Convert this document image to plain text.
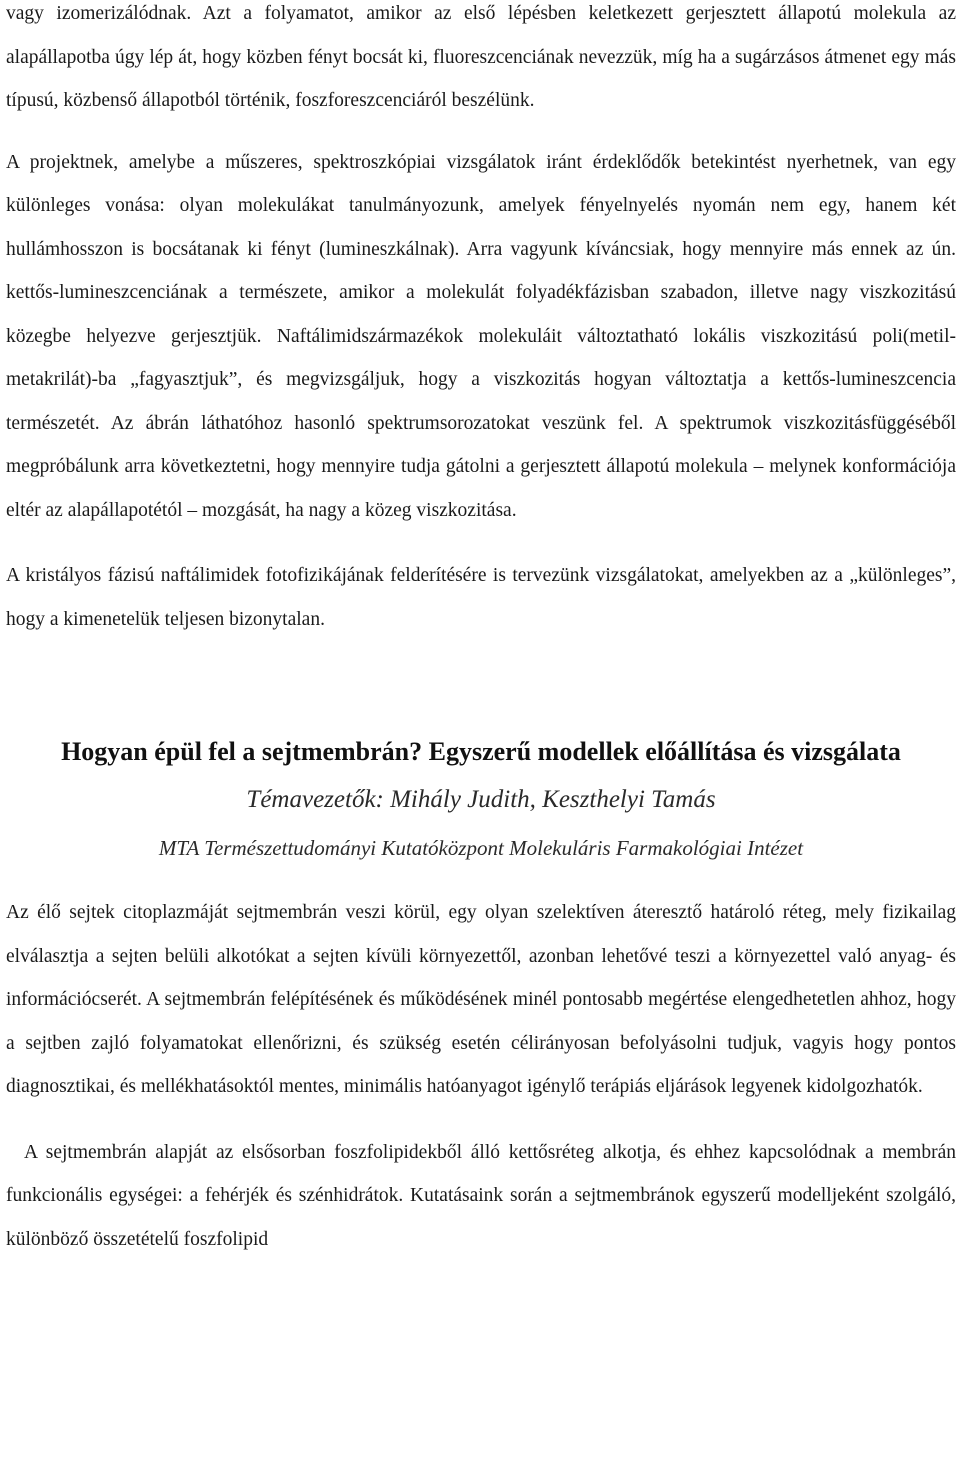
vagy izomerizálódnak. Azt a folyamatot, amikor az első lépésben keletkezett gerjesztett állapotú molekula az alapállapotba úgy lép át, hogy közben fényt bocsát ki, fluoreszcenciának nevezzük, míg ha a sugárzásos átmenet egy más típusú, közbenső állapotból történik, foszforeszcenciáról beszélünk.

A projektnek, amelybe a műszeres, spektroszkópiai vizsgálatok iránt érdeklődők betekintést nyerhetnek, van egy különleges vonása: olyan molekulákat tanulmányozunk, amelyek fényelnyelés nyomán nem egy, hanem két hullámhosszon is bocsátanak ki fényt (lumineszkálnak). Arra vagyunk kíváncsiak, hogy mennyire más ennek az ún. kettős-lumineszcenciának a természete, amikor a molekulát folyadékfázisban szabadon, illetve nagy viszkozitású közegbe helyezve gerjesztjük. Naftálimidszármazékok molekuláit változtatható lokális viszkozitású poli(metil-metakrilát)-ba „fagyasztjuk”, és megvizsgáljuk, hogy a viszkozitás hogyan változtatja a kettős-lumineszcencia természetét. Az ábrán láthatóhoz hasonló spektrumsorozatokat veszünk fel. A spektrumok viszkozitásfüggéséből megpróbálunk arra következtetni, hogy mennyire tudja gátolni a gerjesztett állapotú molekula – melynek konformációja eltér az alapállapotétól – mozgását, ha nagy a közeg viszkozitása.

A kristályos fázisú naftálimidek fotofizikájának felderítésére is tervezünk vizsgálatokat, amelyekben az a „különleges”, hogy a kimenetelük teljesen bizonytalan.

Hogyan épül fel a sejtmembrán? Egyszerű modellek előállítása és vizsgálata
Témavezetők: Mihály Judith, Keszthelyi Tamás
MTA Természettudományi Kutatóközpont Molekuláris Farmakológiai Intézet

Az élő sejtek citoplazmáját sejtmembrán veszi körül, egy olyan szelektíven áteresztő határoló réteg, mely fizikailag elválasztja a sejten belüli alkotókat a sejten kívüli környezettől, azonban lehetővé teszi a környezettel való anyag- és információcserét. A sejtmembrán felépítésének és működésének minél pontosabb megértése elengedhetetlen ahhoz, hogy a sejtben zajló folyamatokat ellenőrizni, és szükség esetén célirányosan befolyásolni tudjuk, vagyis hogy pontos diagnosztikai, és mellékhatásoktól mentes, minimális hatóanyagot igénylő terápiás eljárások legyenek kidolgozhatók.

A sejtmembrán alapját az elsősorban foszfolipidekből álló kettősréteg alkotja, és ehhez kapcsolódnak a membrán funkcionális egységei: a fehérjék és szénhidrátok. Kutatásaink során a sejtmembránok egyszerű modelljeként szolgáló, különböző összetételű foszfolipid
